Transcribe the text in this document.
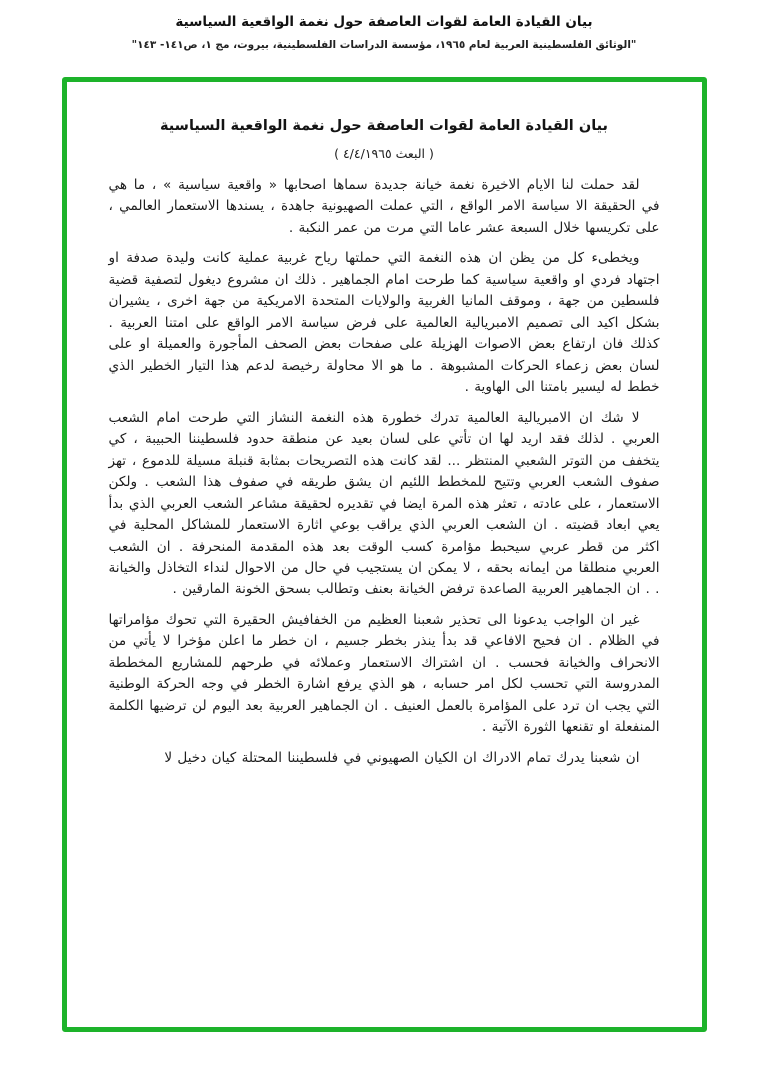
بيان القيادة العامة لقوات العاصفة حول نغمة الواقعية السياسية
"الوثائق الفلسطينية العربية لعام ١٩٦٥، مؤسسة الدراسات الفلسطينية، بيروت، مج ١، ص١٤١- ١٤٣"
بيان القيادة العامة لقوات العاصفة حول نغمة الواقعية السياسية
( البعث ٤/٤/١٩٦٥ )

لقد حملت لنا الايام الاخيرة نغمة خيانة جديدة سماها اصحابها « واقعية سياسية » ، ما هي في الحقيقة الا سياسة الامر الواقع ، التي عملت الصهيونية جاهدة ، يسندها الاستعمار العالمي ، على تكريسها خلال السبعة عشر عاما التي مرت من عمر النكبة .

ويخطىء كل من يظن ان هذه النغمة التي حملتها رياح غربية عملية كانت وليدة صدفة او اجتهاد فردي او واقعية سياسية كما طرحت امام الجماهير . ذلك ان مشروع ديغول لتصفية قضية فلسطين من جهة ، وموقف المانيا الغربية والولايات المتحدة الامريكية من جهة اخرى ، يشيران بشكل اكيد الى تصميم الامبريالية العالمية على فرض سياسة الامر الواقع على امتنا العربية . كذلك فان ارتفاع بعض الاصوات الهزيلة على صفحات بعض الصحف المأجورة والعميلة او على لسان بعض زعماء الحركات المشبوهة . ما هو الا محاولة رخيصة لدعم هذا التيار الخطير الذي خطط له ليسير بامتنا الى الهاوية .

لا شك ان الامبريالية العالمية تدرك خطورة هذه النغمة النشاز التي طرحت امام الشعب العربي . لذلك فقد اريد لها ان تأتي على لسان بعيد عن منطقة حدود فلسطيننا الحبيبة ، كي يتخفف من التوتر الشعبي المنتظر ... لقد كانت هذه التصريحات بمثابة قنبلة مسيلة للدموع ، تهز صفوف الشعب العربي وتتيح للمخطط اللئيم ان يشق طريقه في صفوف هذا الشعب . ولكن الاستعمار ، على عادته ، تعثر هذه المرة ايضا في تقديره لحقيقة مشاعر الشعب العربي الذي بدأ يعي ابعاد قضيته . ان الشعب العربي الذي يراقب بوعي اثارة الاستعمار للمشاكل المحلية في اكثر من قطر عربي سيحبط مؤامرة كسب الوقت بعد هذه المقدمة المنحرفة . ان الشعب العربي منطلقا من ايمانه بحقه ، لا يمكن ان يستجيب في حال من الاحوال لنداء التخاذل والخيانة . . ان الجماهير العربية الصاعدة ترفض الخيانة بعنف وتطالب بسحق الخونة المارقين .

غير ان الواجب يدعونا الى تحذير شعبنا العظيم من الخفافيش الحقيرة التي تحوك مؤامراتها في الظلام . ان فحيح الافاعي قد بدأ ينذر بخطر جسيم ، ان خطر ما اعلن مؤخرا لا يأتي من الانحراف والخيانة فحسب . ان اشتراك الاستعمار وعملائه في طرحهم للمشاريع المخططة المدروسة التي تحسب لكل امر حسابه ، هو الذي يرفع اشارة الخطر في وجه الحركة الوطنية التي يجب ان ترد على المؤامرة بالعمل العنيف . ان الجماهير العربية بعد اليوم لن ترضيها الكلمة المنفعلة او تقنعها الثورة الآتية .

ان شعبنا يدرك تمام الادراك ان الكيان الصهيوني في فلسطيننا المحتلة كيان دخيل لا
